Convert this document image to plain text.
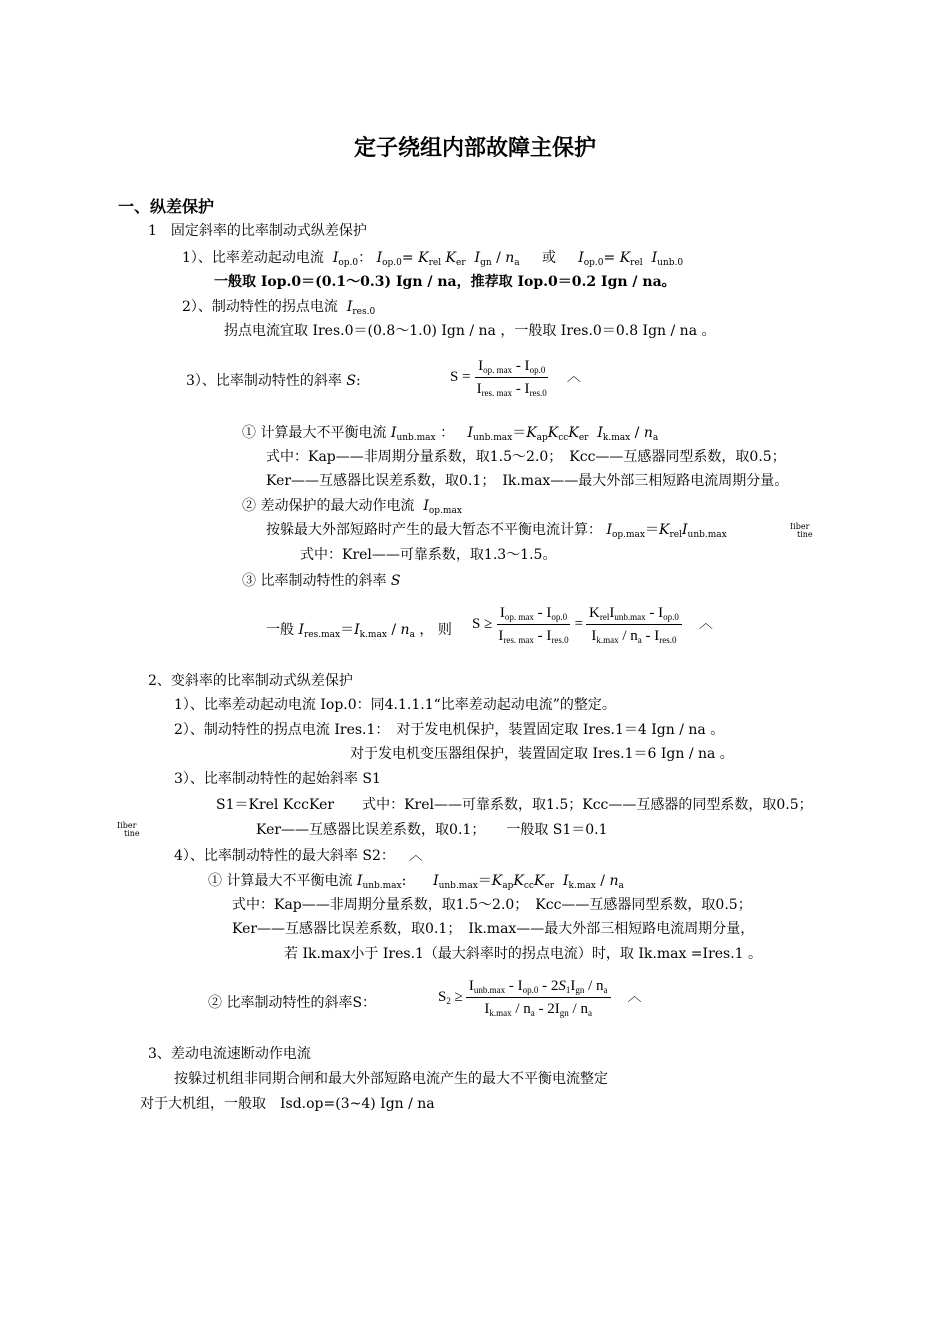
定子绕组内部故障主保护
一、纵差保护
1　固定斜率的比率制动式纵差保护
1）、比率差动起动电流 $I_{op.0}$： $I_{op.0}= K_{rel}$ $K_{er}$ $I_{gn} / n_a$ 或 $I_{op.0}= K_{rel}$ $I_{unb.0}$
一般取 Iop.0＝(0.1～0.3) Ign / na，推荐取 Iop.0＝0.2 Ign / na。
2）、制动特性的拐点电流 $I_{res.0}$
拐点电流宜取 Ires.0＝(0.8～1.0) Ign / na ，一般取 Ires.0＝0.8 Ign / na 。
3）、比率制动特性的斜率 S:	$S = \frac{I_{op. max} - I_{op.0}}{I_{res. max} - I_{res.0}}$ ︿
① 计算最大不平衡电流 $I_{unb.max}$ ：   $I_{unb.max}=K_{ap}K_{cc}K_{er}$ $I_{k.max} / n_a$
式中：Kap——非周期分量系数，取1.5～2.0；　Kcc——互感器同型系数，取0.5；
Ker——互感器比误差系数，取0.1；　Ik.max——最大外部三相短路电流周期分量。
② 差动保护的最大动作电流 $I_{op.max}$
按躲最大外部短路时产生的最大暂态不平衡电流计算： $I_{op.max}=K_{rel}I_{unb.max}$
Iiber
tine
式中：Krel——可靠系数，取1.3～1.5。
③ 比率制动特性的斜率 S
一般 $I_{res.max}=I_{k.max} / n_a$ ， 则 $S \ge \frac{I_{op. max} - I_{op.0}}{I_{res. max} - I_{res.0}} = \frac{K_{rel}I_{unb.max} - I_{op.0}}{I_{k.max} / n_a - I_{res.0}}$ ︿
2、变斜率的比率制动式纵差保护
1）、比率差动起动电流 Iop.0：同4.1.1.1“比率差动起动电流”的整定。
2）、制动特性的拐点电流 Ires.1：　对于发电机保护，装置固定取 Ires.1＝4 Ign / na 。
对于发电机变压器组保护，装置固定取 Ires.1＝6 Ign / na 。
3）、比率制动特性的起始斜率 S1
S1＝Krel KccKer　　式中：Krel——可靠系数，取1.5；Kcc——互感器的同型系数，取0.5；
Iiber
tine	Ker——互感器比误差系数，取0.1；　　一般取 S1＝0.1
4）、比率制动特性的最大斜率 S2： ︿
① 计算最大不平衡电流 $I_{unb.max}$:      $I_{unb.max}=K_{ap}K_{cc}K_{er}$ $I_{k.max} / n_a$
式中：Kap——非周期分量系数，取1.5～2.0；　Kcc——互感器同型系数，取0.5；
Ker——互感器比误差系数，取0.1；　Ik.max——最大外部三相短路电流周期分量，
若 Ik.max小于 Ires.1（最大斜率时的拐点电流）时，取 Ik.max =Ires.1 。
② 比率制动特性的斜率S：	$S_2 \ge \frac{I_{unb.max} - I_{op.0} - 2S_1I_{gn} / n_a}{I_{k.max} / n_a - 2I_{gn} / n_a}$ ︿
3、差动电流速断动作电流
按躲过机组非同期合闸和最大外部短路电流产生的最大不平衡电流整定
对于大机组，一般取　Isd.op=(3~4) Ign / na
